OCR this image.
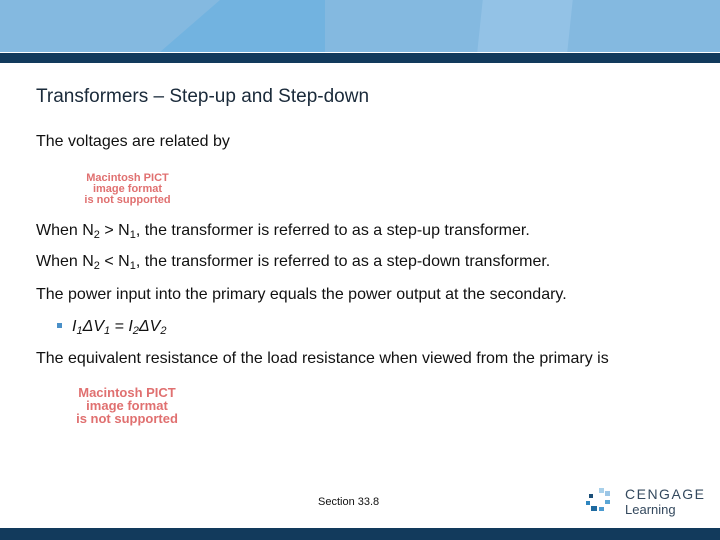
Transformers – Step-up and Step-down
The voltages are related by
Macintosh PICT
image format
is not supported
When $N_2 > N_1$, the transformer is referred to as a step-up transformer.
When $N_2 < N_1$, the transformer is referred to as a step-down transformer.
The power input into the primary equals the power output at the secondary.
$I_1\Delta V_1 = I_2\Delta V_2$
The equivalent resistance of the load resistance when viewed from the primary is
Macintosh PICT
image format
is not supported
Section 33.8	CENGAGE
Learning
